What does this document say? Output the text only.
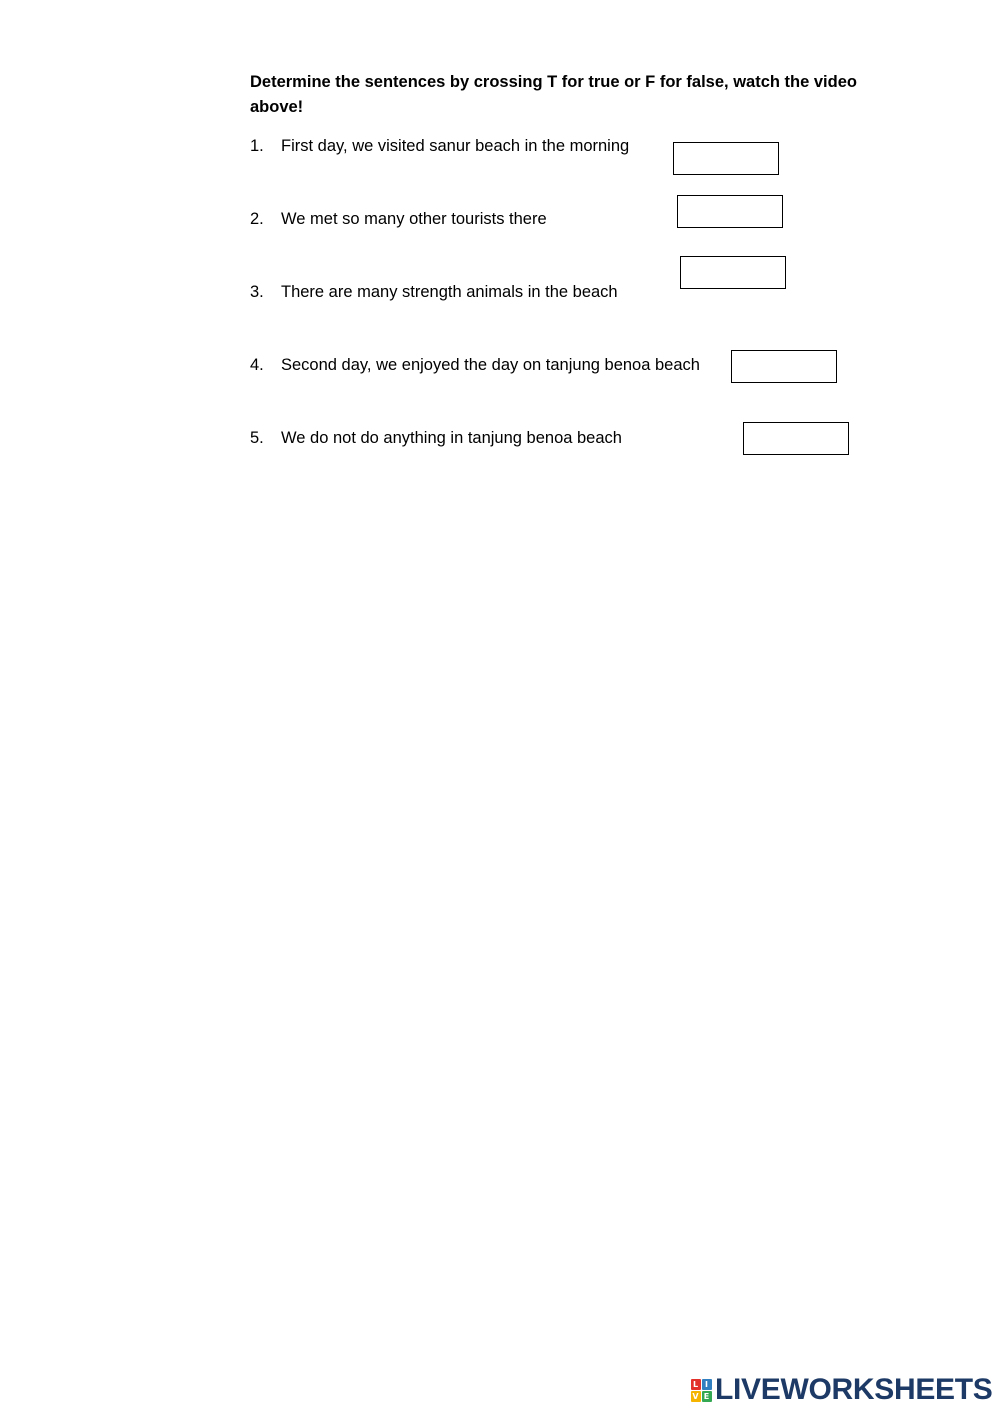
Determine the sentences by crossing T for true or F for false, watch the video above!
1. First day, we visited sanur beach in the morning
2. We met so many other tourists there
3. There are many strength animals in the beach
4. Second day, we enjoyed the day on tanjung benoa beach
5. We do not do anything in tanjung benoa beach
L I
V E LIVEWORKSHEETS
